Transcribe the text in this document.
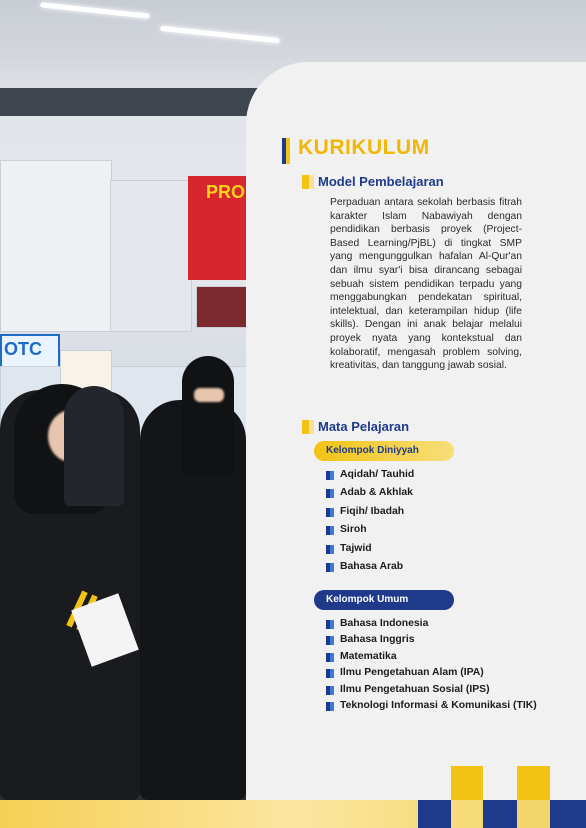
PRO
OTC
KURIKULUM
Model Pembelajaran

Perpaduan antara sekolah berbasis fitrah karakter Islam Nabawiyah dengan pendidikan berbasis proyek (Project-Based Learning/PjBL) di tingkat SMP yang mengunggulkan hafalan Al-Qur'an dan ilmu syar'i bisa dirancang sebagai sebuah sistem pendidikan terpadu yang menggabungkan pendekatan spiritual, intelektual, dan keterampilan hidup (life skills). Dengan ini anak belajar melalui proyek nyata yang kontekstual dan kolaboratif, mengasah problem solving, kreativitas, dan tanggung jawab sosial.

Mata Pelajaran
Kelompok Diniyyah
Aqidah/ Tauhid
Adab & Akhlak
Fiqih/ Ibadah
Siroh
Tajwid
Bahasa Arab
Kelompok Umum
Bahasa Indonesia
Bahasa Inggris
Matematika
Ilmu Pengetahuan Alam (IPA)
Ilmu Pengetahuan Sosial (IPS)
Teknologi Informasi & Komunikasi (TIK)
